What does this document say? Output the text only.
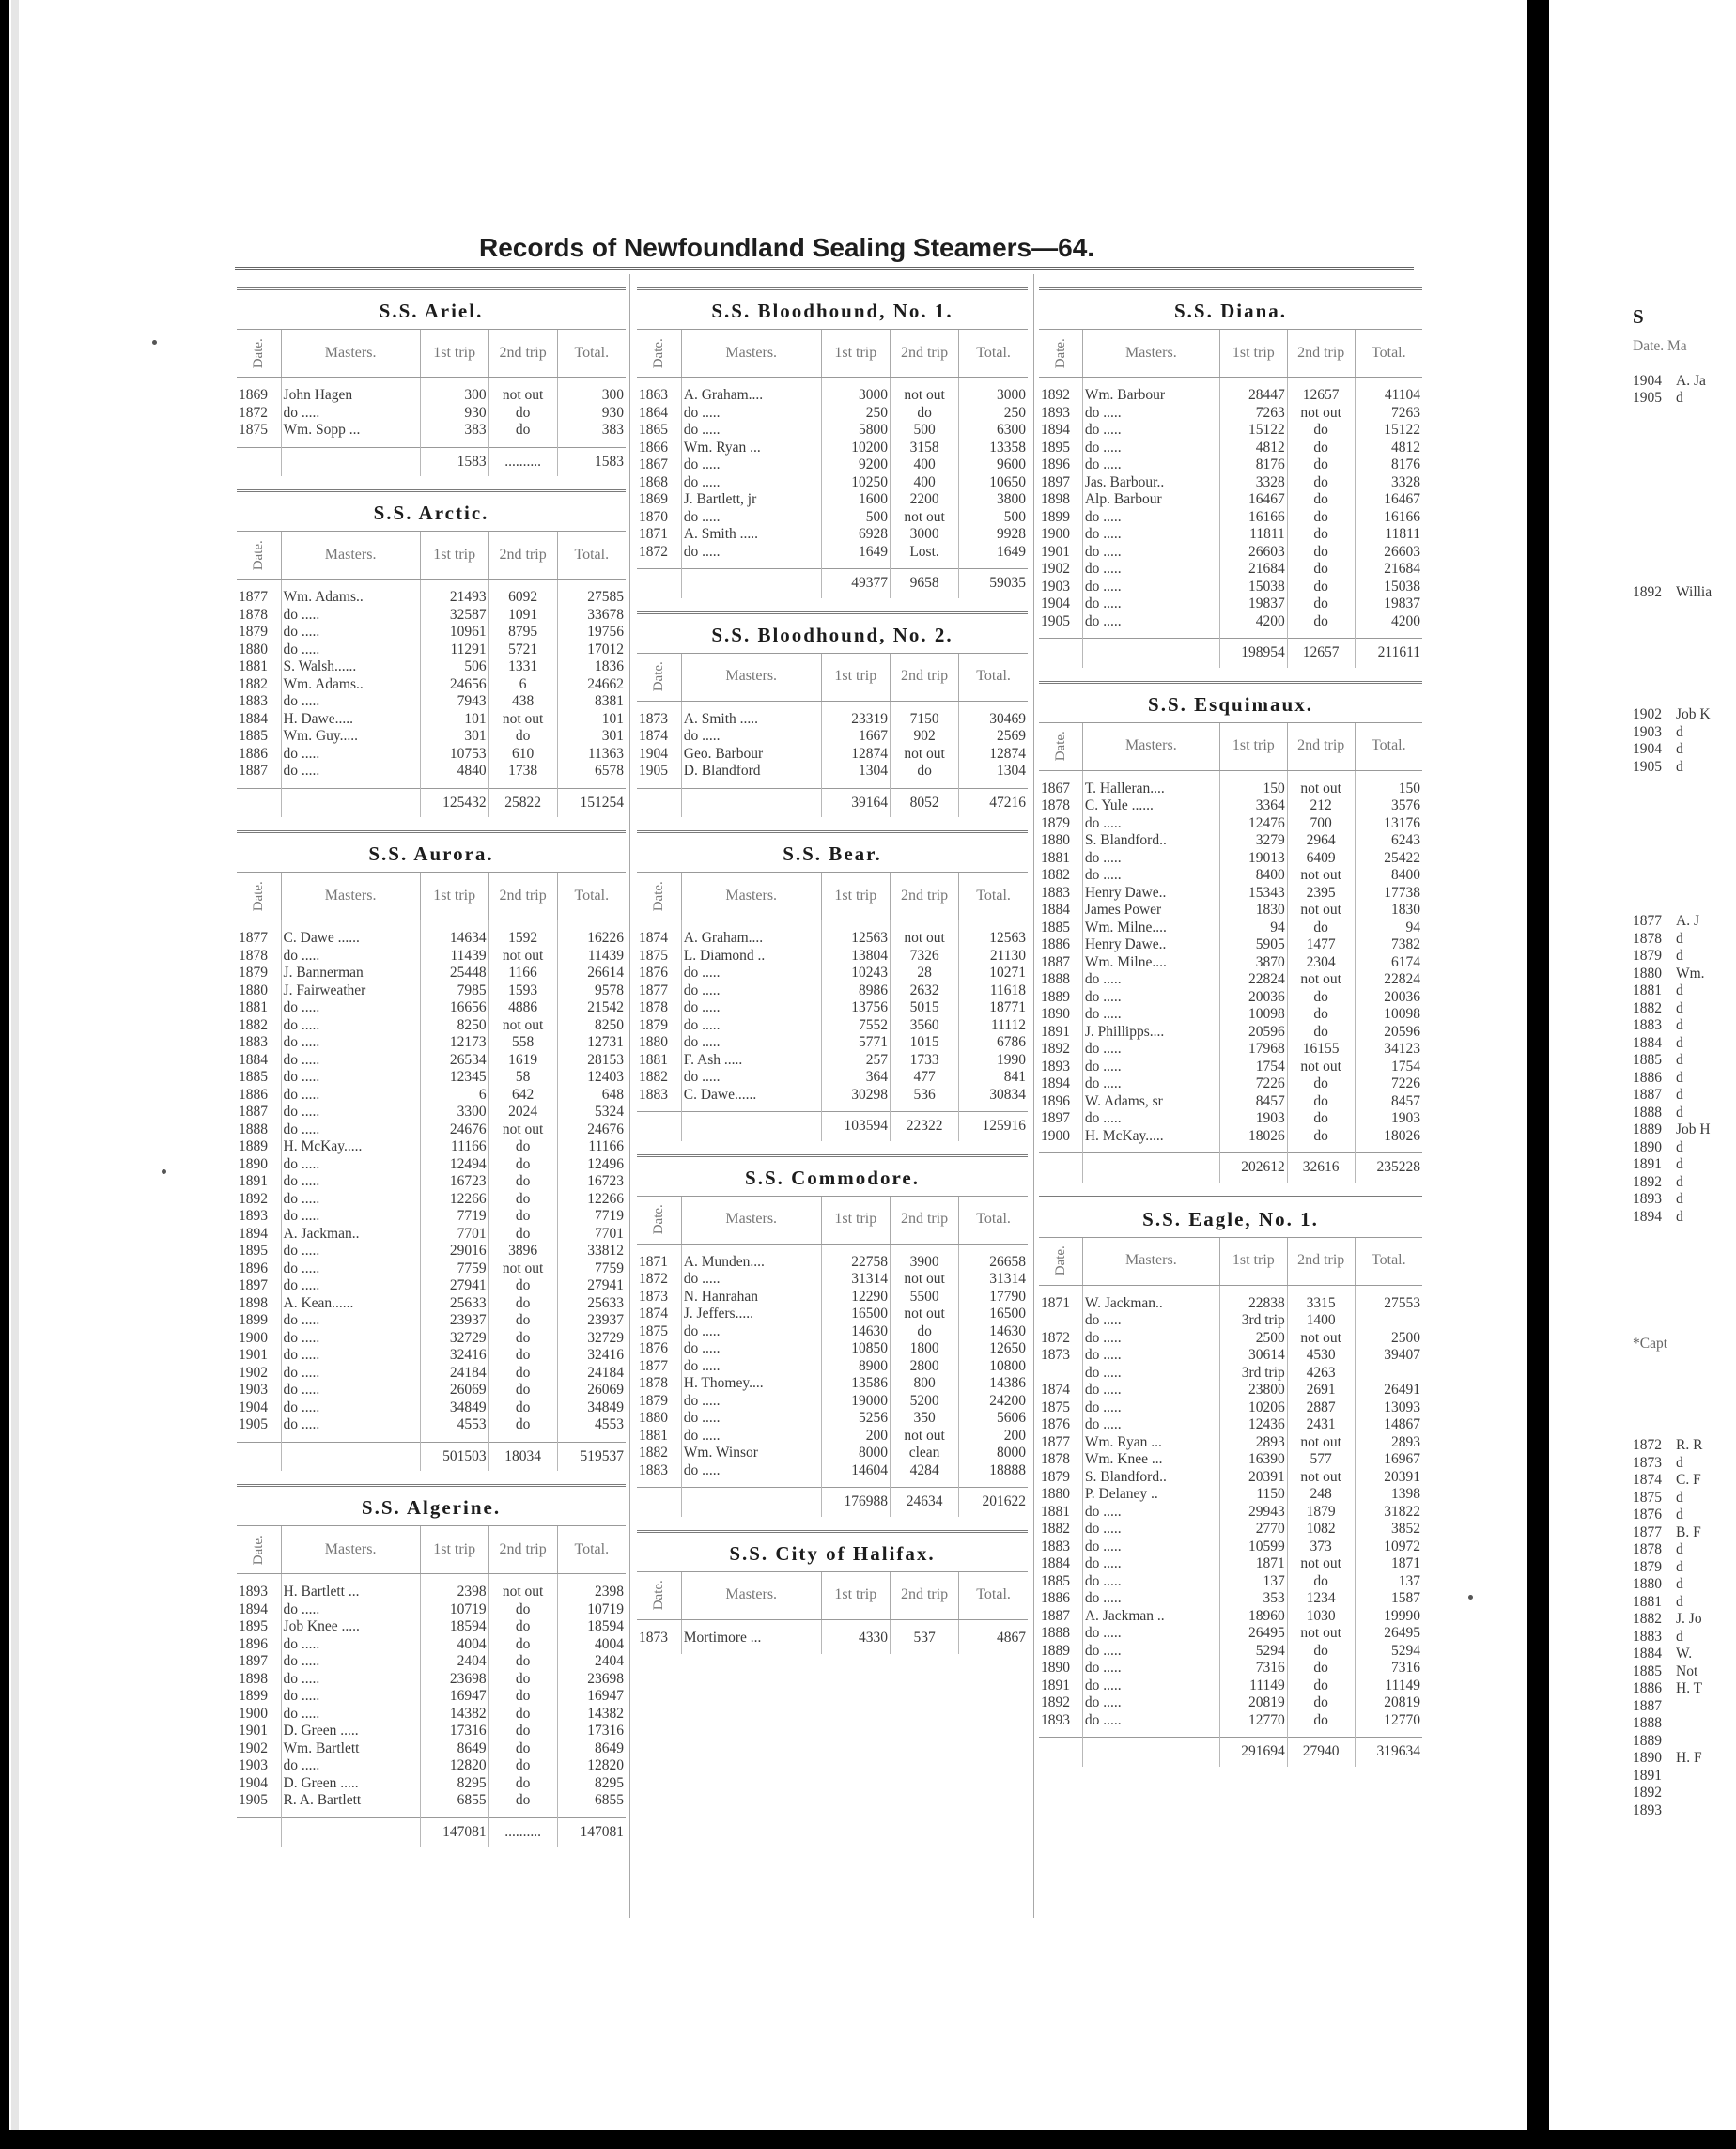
Records of Newfoundland Sealing Steamers—64.
S.S. Ariel.
Date.	Masters.	1st trip	2nd trip	Total.
1869	John Hagen	300	not out	300
1872	do .....	930	do	930
1875	Wm. Sopp ...	383	do	383
		1583	..........	1583
S.S. Arctic.
Date.	Masters.	1st trip	2nd trip	Total.
1877	Wm. Adams..	21493	6092	27585
1878	do .....	32587	1091	33678
1879	do .....	10961	8795	19756
1880	do .....	11291	5721	17012
1881	S. Walsh......	506	1331	1836
1882	Wm. Adams..	24656	6	24662
1883	do .....	7943	438	8381
1884	H. Dawe.....	101	not out	101
1885	Wm. Guy.....	301	do	301
1886	do .....	10753	610	11363
1887	do .....	4840	1738	6578
		125432	25822	151254
S.S. Aurora.
Date.	Masters.	1st trip	2nd trip	Total.
1877	C. Dawe ......	14634	1592	16226
1878	do .....	11439	not out	11439
1879	J. Bannerman	25448	1166	26614
1880	J. Fairweather	7985	1593	9578
1881	do .....	16656	4886	21542
1882	do .....	8250	not out	8250
1883	do .....	12173	558	12731
1884	do .....	26534	1619	28153
1885	do .....	12345	58	12403
1886	do .....	6	642	648
1887	do .....	3300	2024	5324
1888	do .....	24676	not out	24676
1889	H. McKay.....	11166	do	11166
1890	do .....	12494	do	12496
1891	do .....	16723	do	16723
1892	do .....	12266	do	12266
1893	do .....	7719	do	7719
1894	A. Jackman..	7701	do	7701
1895	do .....	29016	3896	33812
1896	do .....	7759	not out	7759
1897	do .....	27941	do	27941
1898	A. Kean......	25633	do	25633
1899	do .....	23937	do	23937
1900	do .....	32729	do	32729
1901	do .....	32416	do	32416
1902	do .....	24184	do	24184
1903	do .....	26069	do	26069
1904	do .....	34849	do	34849
1905	do .....	4553	do	4553
		501503	18034	519537
S.S. Algerine.
Date.	Masters.	1st trip	2nd trip	Total.
1893	H. Bartlett ...	2398	not out	2398
1894	do .....	10719	do	10719
1895	Job Knee .....	18594	do	18594
1896	do .....	4004	do	4004
1897	do .....	2404	do	2404
1898	do .....	23698	do	23698
1899	do .....	16947	do	16947
1900	do .....	14382	do	14382
1901	D. Green .....	17316	do	17316
1902	Wm. Bartlett	8649	do	8649
1903	do .....	12820	do	12820
1904	D. Green .....	8295	do	8295
1905	R. A. Bartlett	6855	do	6855
		147081	..........	147081
S.S. Bloodhound, No. 1.
Date.	Masters.	1st trip	2nd trip	Total.
1863	A. Graham....	3000	not out	3000
1864	do .....	250	do	250
1865	do .....	5800	500	6300
1866	Wm. Ryan ...	10200	3158	13358
1867	do .....	9200	400	9600
1868	do .....	10250	400	10650
1869	J. Bartlett, jr	1600	2200	3800
1870	do .....	500	not out	500
1871	A. Smith .....	6928	3000	9928
1872	do .....	1649	Lost.	1649
		49377	9658	59035
S.S. Bloodhound, No. 2.
Date.	Masters.	1st trip	2nd trip	Total.
1873	A. Smith .....	23319	7150	30469
1874	do .....	1667	902	2569
1904	Geo. Barbour	12874	not out	12874
1905	D. Blandford	1304	do	1304
		39164	8052	47216
S.S. Bear.
Date.	Masters.	1st trip	2nd trip	Total.
1874	A. Graham....	12563	not out	12563
1875	L. Diamond ..	13804	7326	21130
1876	do .....	10243	28	10271
1877	do .....	8986	2632	11618
1878	do .....	13756	5015	18771
1879	do .....	7552	3560	11112
1880	do .....	5771	1015	6786
1881	F. Ash .....	257	1733	1990
1882	do .....	364	477	841
1883	C. Dawe......	30298	536	30834
		103594	22322	125916
S.S. Commodore.
Date.	Masters.	1st trip	2nd trip	Total.
1871	A. Munden....	22758	3900	26658
1872	do .....	31314	not out	31314
1873	N. Hanrahan	12290	5500	17790
1874	J. Jeffers.....	16500	not out	16500
1875	do .....	14630	do	14630
1876	do .....	10850	1800	12650
1877	do .....	8900	2800	10800
1878	H. Thomey....	13586	800	14386
1879	do .....	19000	5200	24200
1880	do .....	5256	350	5606
1881	do .....	200	not out	200
1882	Wm. Winsor	8000	clean	8000
1883	do .....	14604	4284	18888
		176988	24634	201622
S.S. City of Halifax.
Date.	Masters.	1st trip	2nd trip	Total.
1873	Mortimore ...	4330	537	4867
S.S. Diana.
Date.	Masters.	1st trip	2nd trip	Total.
1892	Wm. Barbour	28447	12657	41104
1893	do .....	7263	not out	7263
1894	do .....	15122	do	15122
1895	do .....	4812	do	4812
1896	do .....	8176	do	8176
1897	Jas. Barbour..	3328	do	3328
1898	Alp. Barbour	16467	do	16467
1899	do .....	16166	do	16166
1900	do .....	11811	do	11811
1901	do .....	26603	do	26603
1902	do .....	21684	do	21684
1903	do .....	15038	do	15038
1904	do .....	19837	do	19837
1905	do .....	4200	do	4200
		198954	12657	211611
S.S. Esquimaux.
Date.	Masters.	1st trip	2nd trip	Total.
1867	T. Halleran....	150	not out	150
1878	C. Yule ......	3364	212	3576
1879	do .....	12476	700	13176
1880	S. Blandford..	3279	2964	6243
1881	do .....	19013	6409	25422
1882	do .....	8400	not out	8400
1883	Henry Dawe..	15343	2395	17738
1884	James Power	1830	not out	1830
1885	Wm. Milne....	94	do	94
1886	Henry Dawe..	5905	1477	7382
1887	Wm. Milne....	3870	2304	6174
1888	do .....	22824	not out	22824
1889	do .....	20036	do	20036
1890	do .....	10098	do	10098
1891	J. Phillipps....	20596	do	20596
1892	do .....	17968	16155	34123
1893	do .....	1754	not out	1754
1894	do .....	7226	do	7226
1896	W. Adams, sr	8457	do	8457
1897	do .....	1903	do	1903
1900	H. McKay.....	18026	do	18026
		202612	32616	235228
S.S. Eagle, No. 1.
Date.	Masters.	1st trip	2nd trip	Total.
1871	W. Jackman..	22838	3315	27553
	do .....	3rd trip	1400	
1872	do .....	2500	not out	2500
1873	do .....	30614	4530	39407
	do .....	3rd trip	4263	
1874	do .....	23800	2691	26491
1875	do .....	10206	2887	13093
1876	do .....	12436	2431	14867
1877	Wm. Ryan ...	2893	not out	2893
1878	Wm. Knee ...	16390	577	16967
1879	S. Blandford..	20391	not out	20391
1880	P. Delaney ..	1150	248	1398
1881	do .....	29943	1879	31822
1882	do .....	2770	1082	3852
1883	do .....	10599	373	10972
1884	do .....	1871	not out	1871
1885	do .....	137	do	137
1886	do .....	353	1234	1587
1887	A. Jackman ..	18960	1030	19990
1888	do .....	26495	not out	26495
1889	do .....	5294	do	5294
1890	do .....	7316	do	7316
1891	do .....	11149	do	11149
1892	do .....	20819	do	20819
1893	do .....	12770	do	12770
		291694	27940	319634
S
Date. Ma
1904 A. Ja
1905 d
1892 Willia
1902 Job K
1903 d
1904 d
1905 d
1877 A. J
1878 d
1879 d
1880 Wm.
1881 d
1882 d
1883 d
1884 d
1885 d
1886 d
1887 d
1888 d
1889 Job H
1890 d
1891 d
1892 d
1893 d
1894 d
*Capt
1872 R. R
1873 d
1874 C. F
1875 d
1876 d
1877 B. F
1878 d
1879 d
1880 d
1881 d
1882 J. Jo
1883 d
1884 W.
1885 Not
1886 H. T
1887
1888
1889
1890 H. F
1891
1892
1893
